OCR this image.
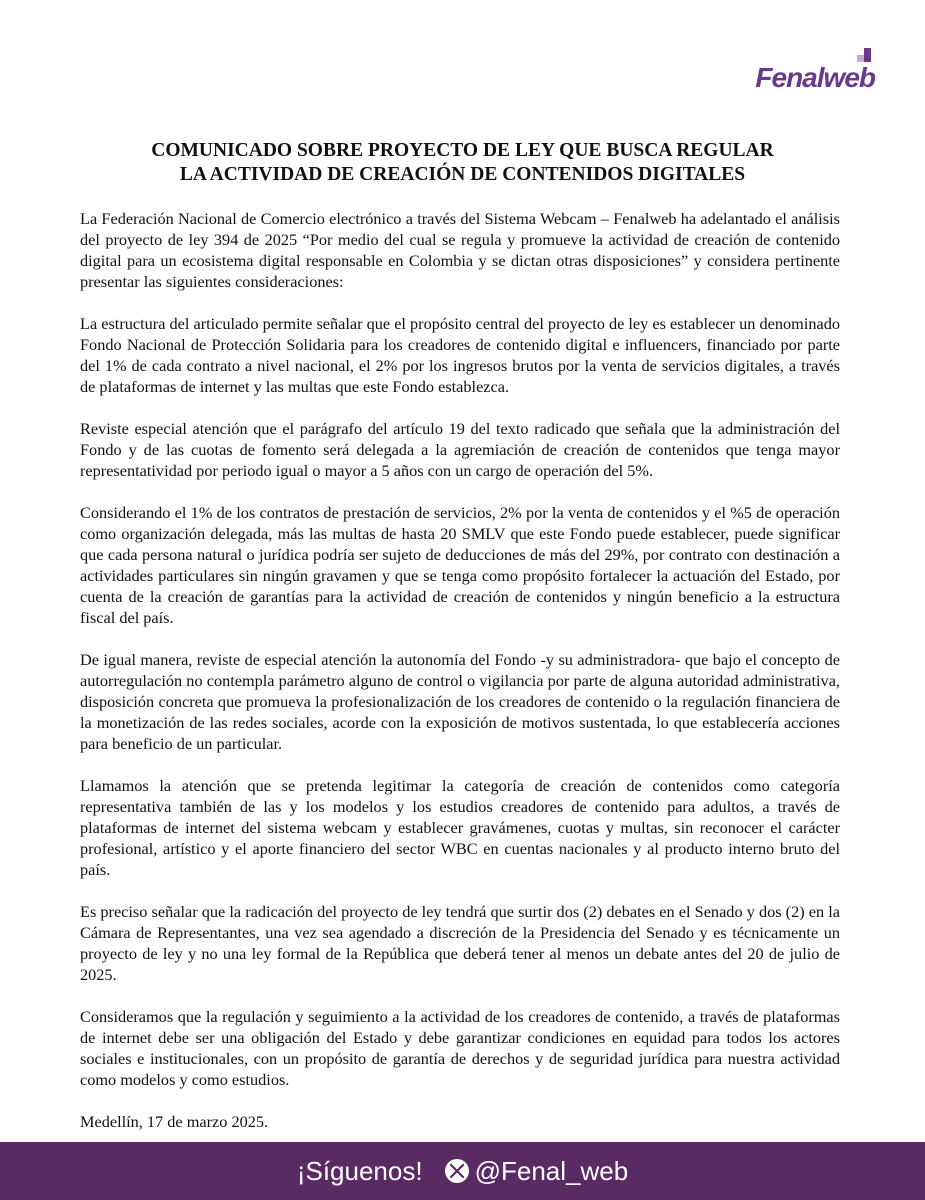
Fenalweb
COMUNICADO SOBRE PROYECTO DE LEY QUE BUSCA REGULAR
LA ACTIVIDAD DE CREACIÓN DE CONTENIDOS DIGITALES

La Federación Nacional de Comercio electrónico a través del Sistema Webcam – Fenalweb ha adelantado el análisis del proyecto de ley 394 de 2025 “Por medio del cual se regula y promueve la actividad de creación de contenido digital para un ecosistema digital responsable en Colombia y se dictan otras disposiciones” y considera pertinente presentar las siguientes consideraciones:

La estructura del articulado permite señalar que el propósito central del proyecto de ley es establecer un denominado Fondo Nacional de Protección Solidaria para los creadores de contenido digital e influencers, financiado por parte del 1% de cada contrato a nivel nacional, el 2% por los ingresos brutos por la venta de servicios digitales, a través de plataformas de internet y las multas que este Fondo establezca.

Reviste especial atención que el parágrafo del artículo 19 del texto radicado que señala que la administración del Fondo y de las cuotas de fomento será delegada a la agremiación de creación de contenidos que tenga mayor representatividad por periodo igual o mayor a 5 años con un cargo de operación del 5%.

Considerando el 1% de los contratos de prestación de servicios, 2% por la venta de contenidos y el %5 de operación como organización delegada, más las multas de hasta 20 SMLV que este Fondo puede establecer, puede significar que cada persona natural o jurídica podría ser sujeto de deducciones de más del 29%, por contrato con destinación a actividades particulares sin ningún gravamen y que se tenga como propósito fortalecer la actuación del Estado, por cuenta de la creación de garantías para la actividad de creación de contenidos y ningún beneficio a la estructura fiscal del país.

De igual manera, reviste de especial atención la autonomía del Fondo -y su administradora- que bajo el concepto de autorregulación no contempla parámetro alguno de control o vigilancia por parte de alguna autoridad administrativa, disposición concreta que promueva la profesionalización de los creadores de contenido o la regulación financiera de la monetización de las redes sociales, acorde con la exposición de motivos sustentada, lo que establecería acciones para beneficio de un particular.

Llamamos la atención que se pretenda legitimar la categoría de creación de contenidos como categoría representativa también de las y los modelos y los estudios creadores de contenido para adultos, a través de plataformas de internet del sistema webcam y establecer gravámenes, cuotas y multas, sin reconocer el carácter profesional, artístico y el aporte financiero del sector WBC en cuentas nacionales y al producto interno bruto del país.

Es preciso señalar que la radicación del proyecto de ley tendrá que surtir dos (2) debates en el Senado y dos (2) en la Cámara de Representantes, una vez sea agendado a discreción de la Presidencia del Senado y es técnicamente un proyecto de ley y no una ley formal de la República que deberá tener al menos un debate antes del 20 de julio de 2025.

Consideramos que la regulación y seguimiento a la actividad de los creadores de contenido, a través de plataformas de internet debe ser una obligación del Estado y debe garantizar condiciones en equidad para todos los actores sociales e institucionales, con un propósito de garantía de derechos y de seguridad jurídica para nuestra actividad como modelos y como estudios.

Medellín, 17 de marzo 2025.

¡Síguenos! @Fenal_web
